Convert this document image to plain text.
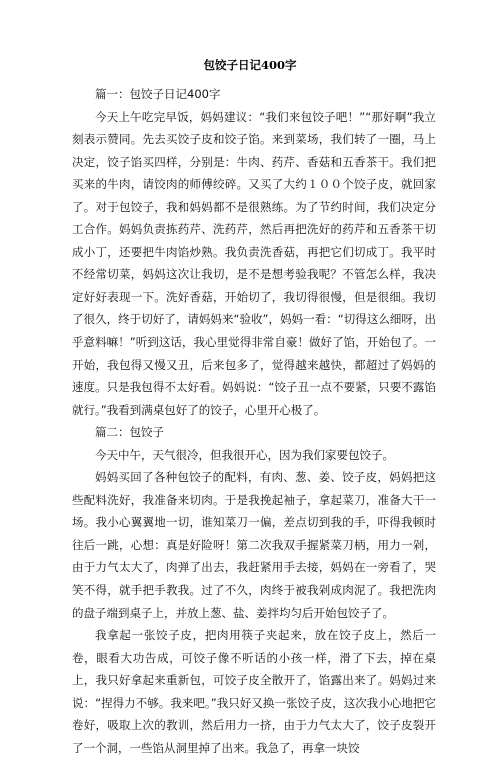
包饺子日记400字

篇一：包饺子日记400字

今天上午吃完早饭，妈妈建议：“我们来包饺子吧！”“那好啊”我立刻表示赞同。先去买饺子皮和饺子馅。来到菜场，我们转了一圈，马上决定，饺子馅买四样，分别是：牛肉、药芹、香菇和五香茶干。我们把买来的牛肉，请饺肉的师傅绞碎。又买了大约１００个饺子皮，就回家了。对于包饺子，我和妈妈都不是很熟练。为了节约时间，我们决定分工合作。妈妈负责拣药芹、洗药芹，然后再把洗好的药芹和五香茶干切成小丁，还要把牛肉馅炒熟。我负责洗香菇，再把它们切成丁。我平时不经常切菜，妈妈这次让我切，是不是想考验我呢？不管怎么样，我决定好好表现一下。洗好香菇，开始切了，我切得很慢，但是很细。我切了很久，终于切好了，请妈妈来“验收”，妈妈一看：“切得这么细呀，出乎意料嘛！”听到这话，我心里觉得非常自豪！做好了馅，开始包了。一开始，我包得又慢又丑，后来包多了，觉得越来越快，都超过了妈妈的速度。只是我包得不太好看。妈妈说：“饺子丑一点不要紧，只要不露馅就行。”我看到满桌包好了的饺子，心里开心极了。

篇二：包饺子

今天中午，天气很冷，但我很开心，因为我们家要包饺子。

妈妈买回了各种包饺子的配料，有肉、葱、姜、饺子皮，妈妈把这些配料洗好，我准备来切肉。于是我挽起袖子，拿起菜刀，准备大干一场。我小心翼翼地一切，谁知菜刀一偏，差点切到我的手，吓得我顿时往后一跳，心想：真是好险呀！第二次我双手握紧菜刀柄，用力一剁，由于力气太大了，肉弹了出去，我赶紧用手去接，妈妈在一旁看了，哭笑不得，就手把手教我。过了不久，肉终于被我剁成肉泥了。我把洗肉的盘子端到桌子上，并放上葱、盐、姜拌均匀后开始包饺子了。

我拿起一张饺子皮，把肉用筷子夹起来，放在饺子皮上，然后一卷，眼看大功告成，可饺子像不听话的小孩一样，滑了下去，掉在桌上，我只好拿起来重新包，可饺子皮全散开了，馅露出来了。妈妈过来说：“捏得力不够。我来吧。”我只好又换一张饺子皮，这次我小心地把它卷好，吸取上次的教训，然后用力一挤，由于力气太大了，饺子皮裂开了一个洞，一些馅从洞里掉了出来。我急了，再拿一块饺
